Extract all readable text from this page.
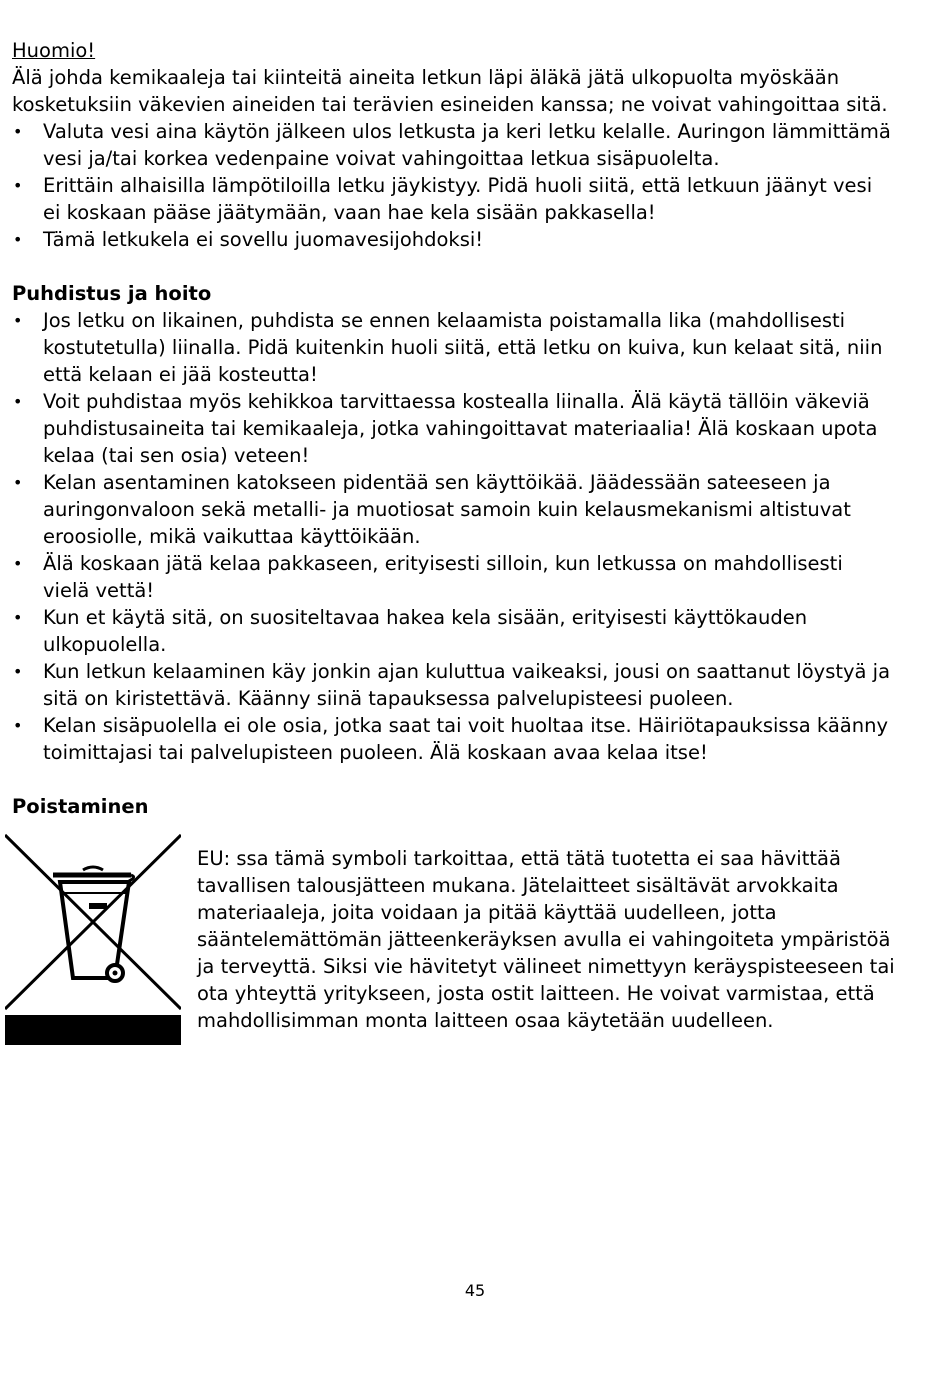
Huomio!

Älä johda kemikaaleja tai kiinteitä aineita letkun läpi äläkä jätä ulkopuolta myöskään kosketuksiin väkevien aineiden tai terävien esineiden kanssa; ne voivat vahingoittaa sitä.

• Valuta vesi aina käytön jälkeen ulos letkusta ja keri letku kelalle. Auringon lämmittämä vesi ja/tai korkea vedenpaine voivat vahingoittaa letkua sisäpuolelta.
• Erittäin alhaisilla lämpötiloilla letku jäykistyy. Pidä huoli siitä, että letkuun jäänyt vesi ei koskaan pääse jäätymään, vaan hae kela sisään pakkasella!
• Tämä letkukela ei sovellu juomavesijohdoksi!
Puhdistus ja hoito
• Jos letku on likainen, puhdista se ennen kelaamista poistamalla lika (mahdollisesti kostutetulla) liinalla. Pidä kuitenkin huoli siitä, että letku on kuiva, kun kelaat sitä, niin että kelaan ei jää kosteutta!
• Voit puhdistaa myös kehikkoa tarvittaessa kostealla liinalla. Älä käytä tällöin väkeviä puhdistusaineita tai kemikaaleja, jotka vahingoittavat materiaalia! Älä koskaan upota kelaa (tai sen osia) veteen!
• Kelan asentaminen katokseen pidentää sen käyttöikää. Jäädessään sateeseen ja auringonvaloon sekä metalli- ja muotiosat samoin kuin kelausmekanismi altistuvat eroosiolle, mikä vaikuttaa käyttöikään.
• Älä koskaan jätä kelaa pakkaseen, erityisesti silloin, kun letkussa on mahdollisesti vielä vettä!
• Kun et käytä sitä, on suositeltavaa hakea kela sisään, erityisesti käyttökauden ulkopuolella.
• Kun letkun kelaaminen käy jonkin ajan kuluttua vaikeaksi, jousi on saattanut löystyä ja sitä on kiristettävä. Käänny siinä tapauksessa palvelupisteesi puoleen.
• Kelan sisäpuolella ei ole osia, jotka saat tai voit huoltaa itse. Häiriötapauksissa käänny toimittajasi tai palvelupisteen puoleen. Älä koskaan avaa kelaa itse!
Poistaminen

EU: ssa tämä symboli tarkoittaa, että tätä tuotetta ei saa hävittää tavallisen talousjätteen mukana. Jätelaitteet sisältävät arvokkaita materiaaleja, joita voidaan ja pitää käyttää uudelleen, jotta sääntelemättömän jätteenkeräyksen avulla ei vahingoiteta ympäristöä ja terveyttä. Siksi vie hävitetyt välineet nimettyyn keräyspisteeseen tai ota yhteyttä yritykseen, josta ostit laitteen. He voivat varmistaa, että mahdollisimman monta laitteen osaa käytetään uudelleen.

45
